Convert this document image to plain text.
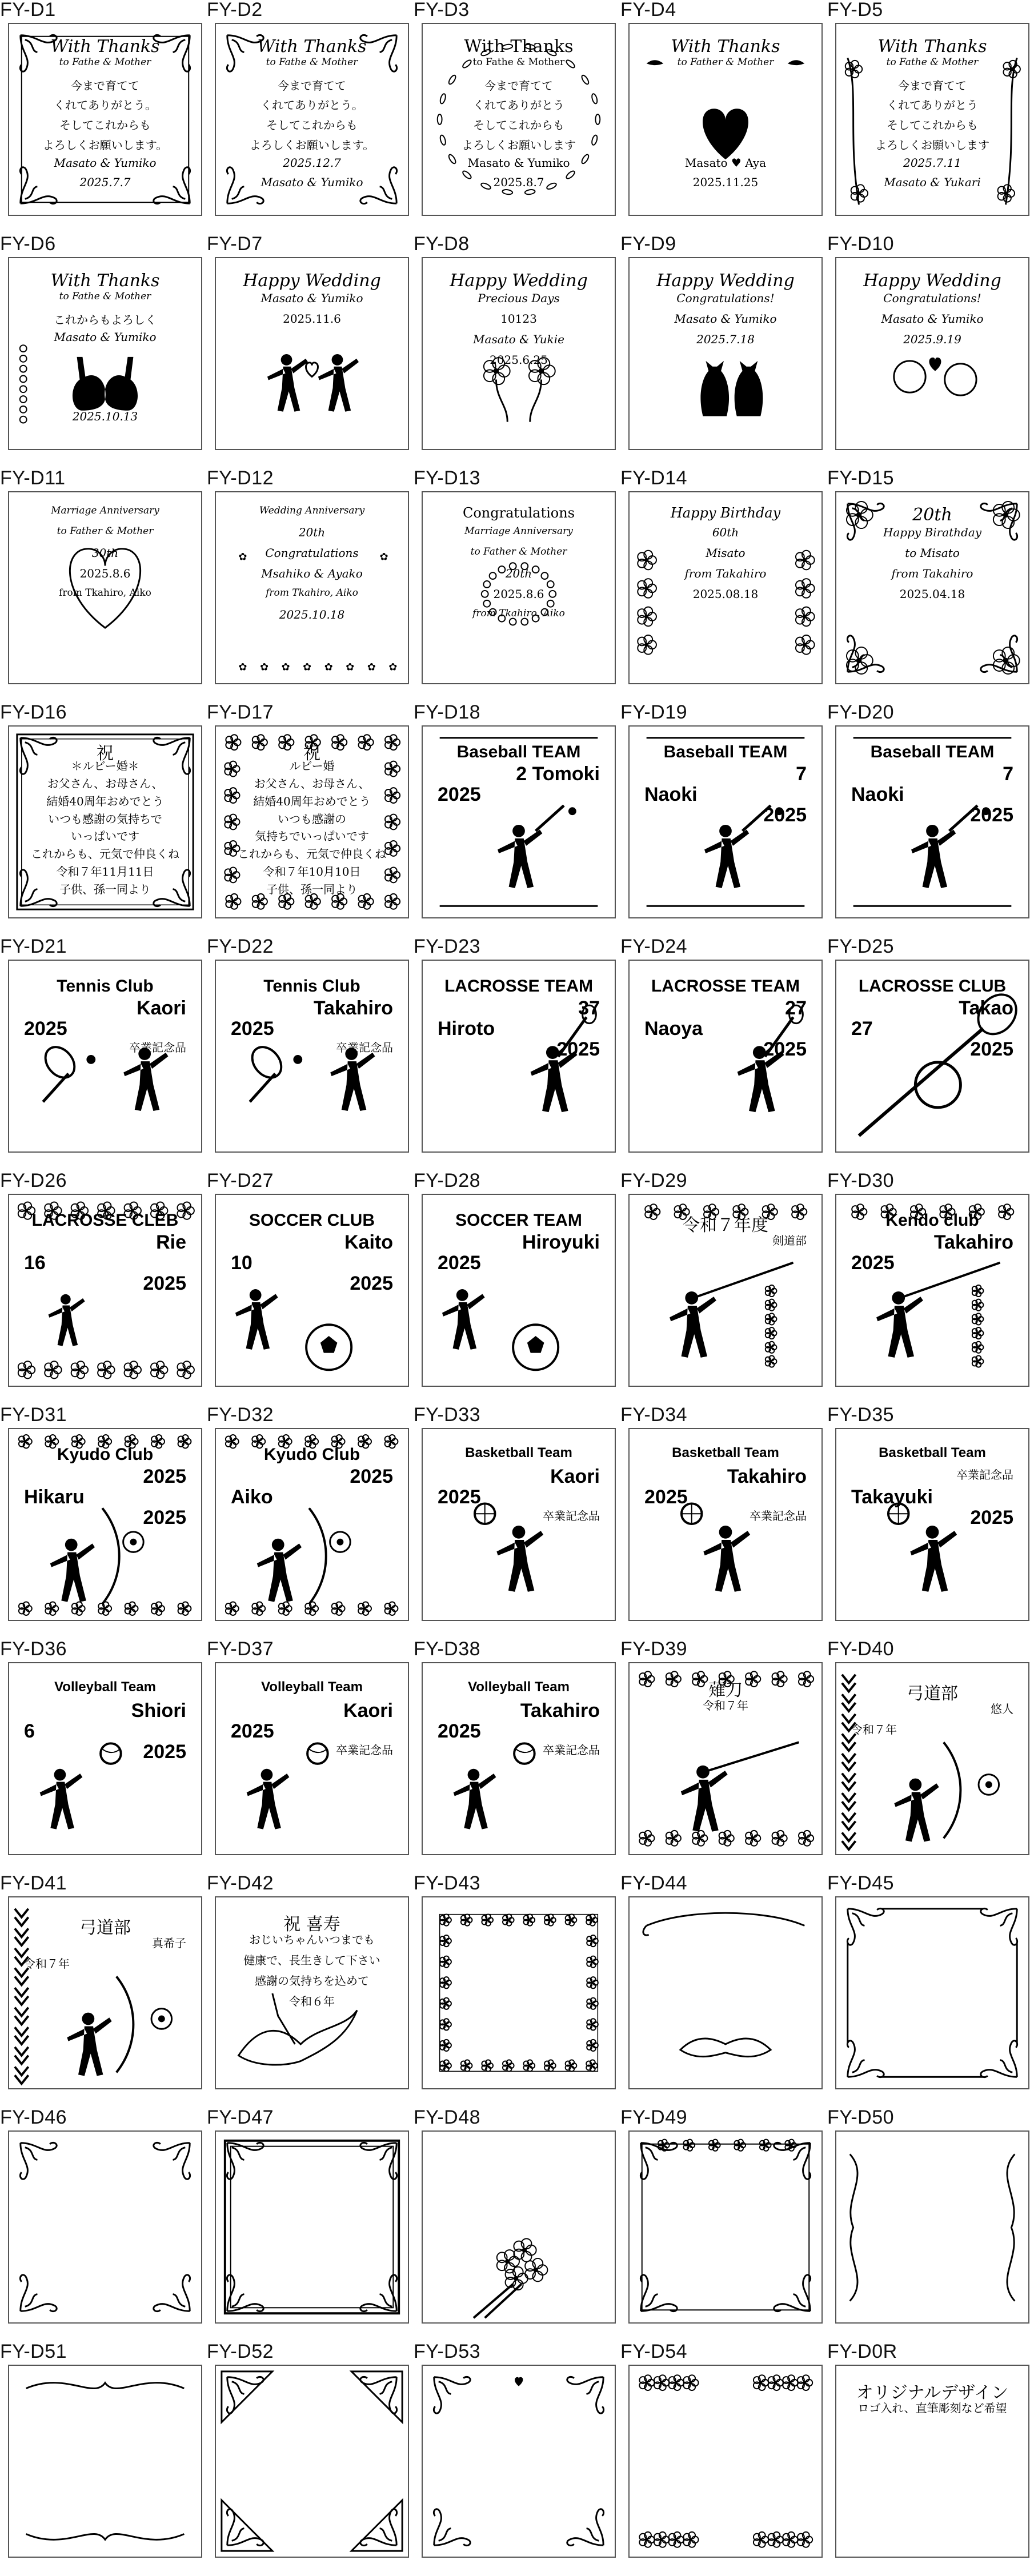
FY-D1
With Thanks
to Fathe & Mother
今まで育てて
くれてありがとう。
そしてこれからも
よろしくお願いします。
Masato & Yumiko
2025.7.7
FY-D2
With Thanks
to Fathe & Mother
今まで育てて
くれてありがとう。
そしてこれからも
よろしくお願いします。
2025.12.7
Masato & Yumiko
FY-D3
With Thanks
to Fathe & Mother
今まで育てて
くれてありがとう
そしてこれからも
よろしくお願いします
Masato & Yumiko
2025.8.7
FY-D4
With Thanks
to Father & Mother
Masato ♥ Aya
2025.11.25
FY-D5
With Thanks
to Fathe & Mother
今まで育てて
くれてありがとう
そしてこれからも
よろしくお願いします
2025.7.11
Masato & Yukari
FY-D6
With Thanks
to Fathe & Mother
これからもよろしく
Masato & Yumiko
2025.10.13
FY-D7
Happy Wedding
Masato & Yumiko
2025.11.6
FY-D8
Happy Wedding
Precious Days
10123
Masato & Yukie
2025.6.25
FY-D9
Happy Wedding
Congratulations!
Masato & Yumiko
2025.7.18
FY-D10
Happy Wedding
Congratulations!
Masato & Yumiko
2025.9.19
FY-D11
Marriage Anniversary
to Father & Mother
30th
2025.8.6
from Tkahiro, Aiko
FY-D12
✿ ✿ ✿ ✿ ✿ ✿ ✿ ✿
✿	✿
Wedding Anniversary
20th
Congratulations
Msahiko & Ayako
from Tkahiro, Aiko
2025.10.18
FY-D13
Congratulations
Marriage Anniversary
to Father & Mother
20th
2025.8.6
from Tkahiro, Aiko
FY-D14
Happy Birthday
60th
Misato
from Takahiro
2025.08.18
FY-D15
20th
Happy Birathday
to Misato
from Takahiro
2025.04.18
FY-D16
祝
＊ルビー婚＊
お父さん、お母さん、
結婚40周年おめでとう
いつも感謝の気持ちで
いっぱいです
これからも、元気で仲良くね
令和７年11月11日
子供、孫一同より
FY-D17
祝
ルビー婚
お父さん、お母さん、
結婚40周年おめでとう
いつも感謝の
気持ちでいっぱいです
これからも、元気で仲良くね
令和７年10月10日
子供、孫一同より
FY-D18
Baseball TEAM
2 Tomoki
2025
FY-D19
Baseball TEAM
7
Naoki
2025
FY-D20
Baseball TEAM
7
Naoki
2025
FY-D21
Tennis Club
Kaori
2025
卒業記念品
FY-D22
Tennis Club
Takahiro
2025
卒業記念品
FY-D23
LACROSSE TEAM
37
Hiroto
2025
FY-D24
LACROSSE TEAM
27
Naoya
2025
FY-D25
LACROSSE CLUB
Takao
27
2025
FY-D26
LACROSSE CLEB
Rie
16
2025
FY-D27
SOCCER CLUB
Kaito
10
2025
FY-D28
SOCCER TEAM
Hiroyuki
2025
FY-D29
令和７年度
剣道部
FY-D30
Kendo club
Takahiro
2025
FY-D31
Kyudo Club
2025
Hikaru
2025
FY-D32
Kyudo Club
2025
Aiko
FY-D33
Basketball Team
Kaori
2025
卒業記念品
FY-D34
Basketball Team
Takahiro
2025
卒業記念品
FY-D35
Basketball Team
卒業記念品
Takayuki
2025
FY-D36
Volleyball Team
Shiori
6
2025
FY-D37
Volleyball Team
Kaori
2025
卒業記念品
FY-D38
Volleyball Team
Takahiro
2025
卒業記念品
FY-D39
薙刀
令和７年
FY-D40
弓道部
悠人
令和７年
FY-D41
弓道部
真希子
令和７年
FY-D42
祝 喜寿
おじいちゃんいつまでも
健康で、長生きして下さい
感謝の気持ちを込めて
令和６年
FY-D43	FY-D44	FY-D45
FY-D46	FY-D47	FY-D48	FY-D49	FY-D50
FY-D51	FY-D52	FY-D53	FY-D54	FY-D0R
オリジナルデザイン
ロゴ入れ、直筆彫刻など希望
